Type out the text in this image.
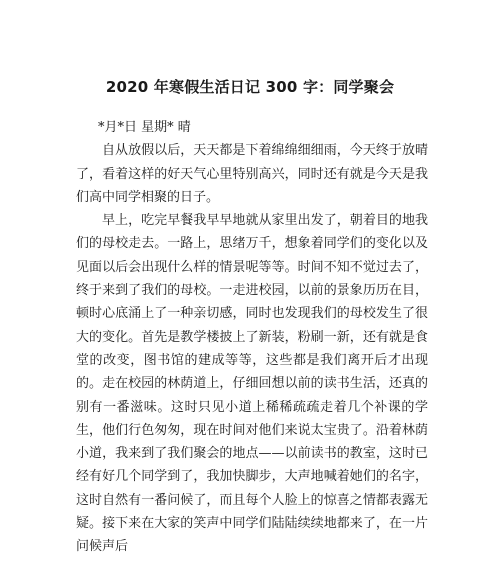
2020 年寒假生活日记 300 字：同学聚会

*月*日 星期* 晴

自从放假以后，天天都是下着绵绵细细雨，今天终于放晴了，看着这样的好天气心里特别高兴，同时还有就是今天是我们高中同学相聚的日子。

早上，吃完早餐我早早地就从家里出发了，朝着目的地我们的母校走去。一路上，思绪万千，想象着同学们的变化以及见面以后会出现什么样的情景呢等等。时间不知不觉过去了，终于来到了我们的母校。一走进校园，以前的景象历历在目，顿时心底涌上了一种亲切感，同时也发现我们的母校发生了很大的变化。首先是教学楼披上了新装，粉刷一新，还有就是食堂的改变，图书馆的建成等等，这些都是我们离开后才出现的。走在校园的林荫道上，仔细回想以前的读书生活，还真的别有一番滋味。这时只见小道上稀稀疏疏走着几个补课的学生，他们行色匆匆，现在时间对他们来说太宝贵了。沿着林荫小道，我来到了我们聚会的地点——以前读书的教室，这时已经有好几个同学到了，我加快脚步，大声地喊着她们的名字，这时自然有一番问候了，而且每个人脸上的惊喜之情都表露无疑。接下来在大家的笑声中同学们陆陆续续地都来了，在一片问候声后
